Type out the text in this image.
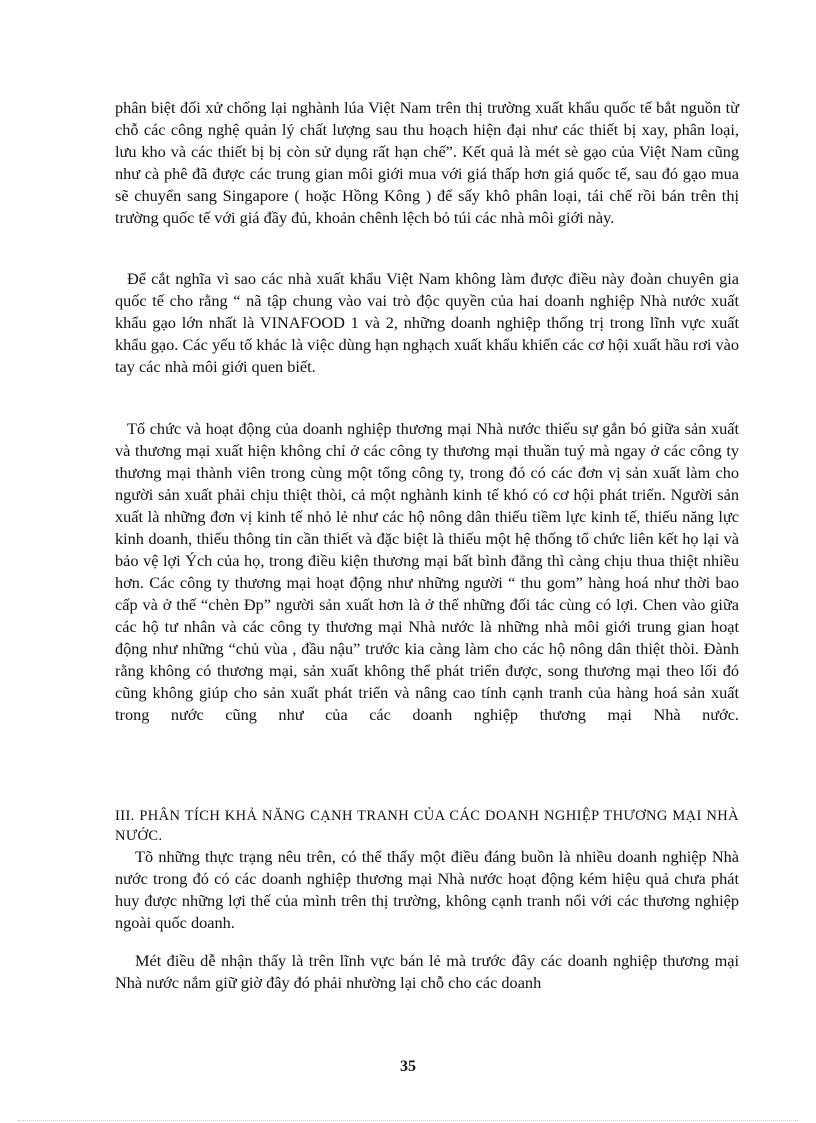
phân biệt đối xử chống lại nghành lúa Việt Nam trên thị trường xuất khẩu quốc tế bắt nguồn từ chỗ các công nghệ quản lý chất lượng sau thu hoạch hiện đại như các thiết bị xay, phân loại, lưu kho và các thiết bị bị còn sử dụng rất hạn chế”. Kết quả là mét sè gạo của Việt Nam cũng như cà phê đã được các trung gian môi giới mua với giá thấp hơn giá quốc tế, sau đó gạo mua sẽ chuyển sang Singapore ( hoặc Hồng Kông ) để sấy khô phân loại, tái chế rồi bán trên thị trường quốc tế với giá đầy đủ, khoản chênh lệch bỏ túi các nhà môi giới này.

Để cắt nghĩa vì sao các nhà xuất khẩu Việt Nam không làm được điều này đoàn chuyên gia quốc tế cho rằng “ nã tập chung vào vai trò độc quyền của hai doanh nghiệp Nhà nước xuất khẩu gạo lớn nhất là VINAFOOD 1 và 2, những doanh nghiệp thống trị trong lĩnh vực xuất khẩu gạo. Các yếu tố khác là việc dùng hạn nghạch xuất khẩu khiến các cơ hội xuất hầu rơi vào tay các nhà môi giới quen biết.

Tổ chức và hoạt động của doanh nghiệp thương mại Nhà nước thiếu sự gắn bó giữa sản xuất và thương mại xuất hiện không chỉ ở các công ty thương mại thuần tuý mà ngay ở các công ty thương mại thành viên trong cùng một tổng công ty, trong đó có các đơn vị sản xuất làm cho người sản xuất phải chịu thiệt thòi, cả một nghành kinh tế khó có cơ hội phát triển. Người sản xuất là những đơn vị kinh tế nhỏ lẻ như các hộ nông dân thiếu tiềm lực kinh tế, thiếu năng lực kinh doanh, thiếu thông tin cần thiết và đặc biệt là thiếu một hệ thống tổ chức liên kết họ lại và bảo vệ lợi Ých của họ, trong điều kiện thương mại bất bình đẳng thì càng chịu thua thiệt nhiều hơn. Các công ty thương mại hoạt động như những người “ thu gom” hàng hoá như thời bao cấp và ở thế “chèn Ðp” người sản xuất hơn là ở thế những đối tác cùng có lợi. Chen vào giữa các hộ tư nhân và các công ty thương mại Nhà nước là những nhà môi giới trung gian hoạt động như những “chủ vùa , đầu nậu” trước kia càng làm cho các hộ nông dân thiệt thòi. Đành rằng không có thương mại, sản xuất không thể phát triển được, song thương mại theo lối đó cũng không giúp cho sản xuất phát triển và nâng cao tính cạnh tranh của hàng hoá sản xuất trong nước cũng như của các doanh nghiệp thương mại Nhà nước.

III. PHÂN TÍCH KHẢ NĂNG CẠNH TRANH CỦA CÁC DOANH NGHIỆP THƯƠNG MẠI NHÀ NƯỚC.

Tõ những thực trạng nêu trên, có thể thấy một điều đáng buồn là nhiều doanh nghiệp Nhà nước trong đó có các doanh nghiệp thương mại Nhà nước hoạt động kém hiệu quả chưa phát huy được những lợi thế của mình trên thị trường, không cạnh tranh nổi với các thương nghiệp ngoài quốc doanh.

Mét điều dễ nhận thấy là trên lĩnh vực bán lẻ mà trước đây các doanh nghiệp thương mại Nhà nước nắm giữ giờ đây đó phải nhường lại chỗ cho các doanh

35
